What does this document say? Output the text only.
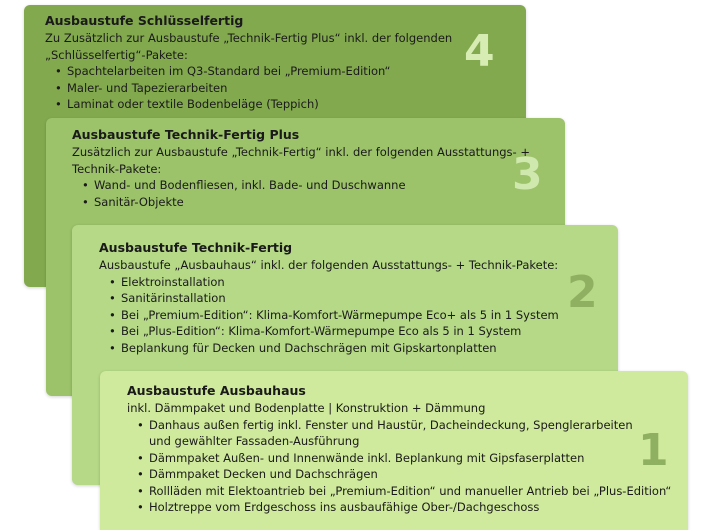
Ausbaustufe Schlüsselfertig
Zu Zusätzlich zur Ausbaustufe „Technik-Fertig Plus“ inkl. der folgenden
„Schlüsselfertig“-Pakete:
• Spachtelarbeiten im Q3-Standard bei „Premium-Edition“
• Maler- und Tapezierarbeiten
• Laminat oder textile Bodenbeläge (Teppich)
4
Ausbaustufe Technik-Fertig Plus
Zusätzlich zur Ausbaustufe „Technik-Fertig“ inkl. der folgenden Ausstattungs- +
Technik-Pakete:
• Wand- und Bodenfliesen, inkl. Bade- und Duschwanne
• Sanitär-Objekte
3
Ausbaustufe Technik-Fertig
Ausbaustufe „Ausbauhaus“ inkl. der folgenden Ausstattungs- + Technik-Pakete:
• Elektroinstallation
• Sanitärinstallation
• Bei „Premium-Edition“: Klima-Komfort-Wärmepumpe Eco+ als 5 in 1 System
• Bei „Plus-Edition“: Klima-Komfort-Wärmepumpe Eco als 5 in 1 System
• Beplankung für Decken und Dachschrägen mit Gipskartonplatten
2
Ausbaustufe Ausbauhaus
inkl. Dämmpaket und Bodenplatte | Konstruktion + Dämmung
• Danhaus außen fertig inkl. Fenster und Haustür, Dacheindeckung, Spenglerarbeiten
und gewählter Fassaden-Ausführung
• Dämmpaket Außen- und Innenwände inkl. Beplankung mit Gipsfaserplatten
• Dämmpaket Decken und Dachschrägen
• Rollläden mit Elektoantrieb bei „Premium-Edition“ und manueller Antrieb bei „Plus-Edition“
• Holztreppe vom Erdgeschoss ins ausbaufähige Ober-/Dachgeschoss
1
